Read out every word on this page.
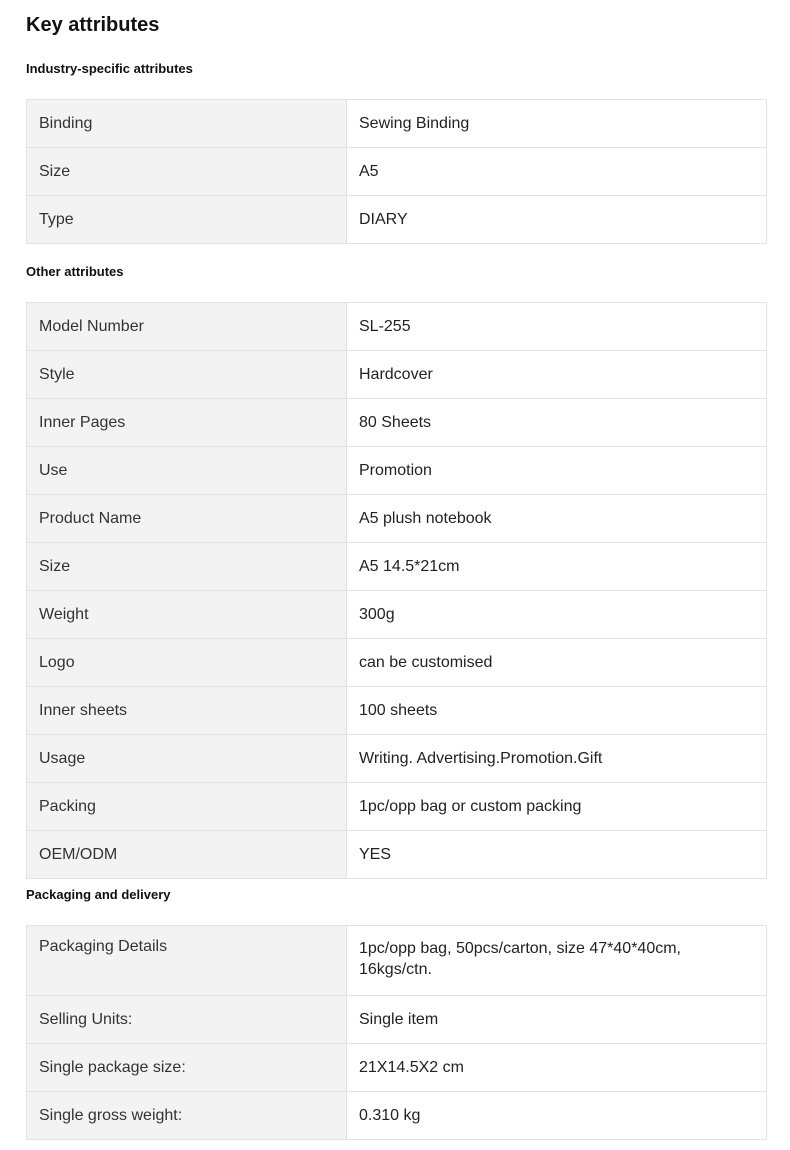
Key attributes
Industry-specific attributes
Binding	Sewing Binding
Size	A5
Type	DIARY
Other attributes
Model Number	SL-255
Style	Hardcover
Inner Pages	80 Sheets
Use	Promotion
Product Name	A5 plush notebook
Size	A5 14.5*21cm
Weight	300g
Logo	can be customised
Inner sheets	100 sheets
Usage	Writing. Advertising.Promotion.Gift
Packing	1pc/opp bag or custom packing
OEM/ODM	YES
Packaging and delivery
Packaging Details	1pc/opp bag, 50pcs/carton, size 47*40*40cm, 16kgs/ctn.
Selling Units:	Single item
Single package size:	21X14.5X2 cm
Single gross weight:	0.310 kg
